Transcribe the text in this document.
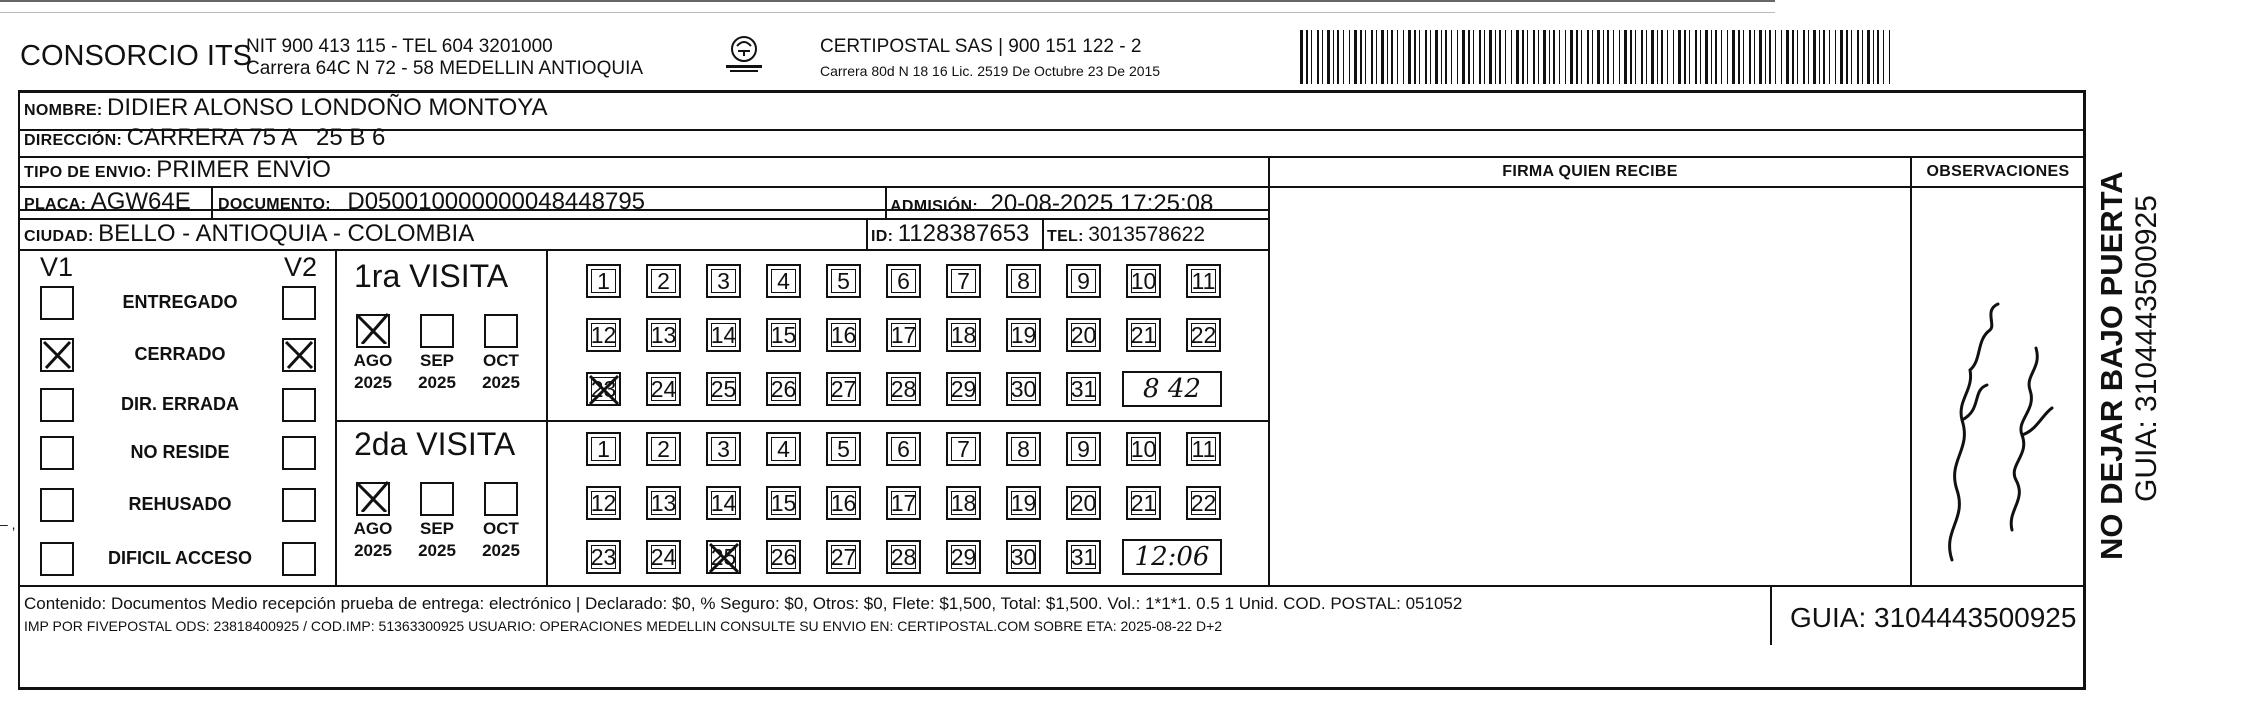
CONSORCIO ITS
NIT 900 413 115 - TEL 604 3201000
Carrera 64C N 72 - 58 MEDELLIN ANTIOQUIA
CERTIPOSTAL SAS | 900 151 122 - 2
Carrera 80d N 18 16 Lic. 2519 De Octubre 23 De 2015
NOMBRE: DIDIER ALONSO LONDOÑO MONTOYA
DIRECCIÓN: CARRERA 75 A   25 B 6
TIPO DE ENVIO: PRIMER ENVÍO
PLACA: AGW64E DOCUMENTO: D050010000000048448795	ADMISIÓN: 20-08-2025 17:25:08
CIUDAD: BELLO - ANTIOQUIA - COLOMBIA	ID: 1128387653 TEL: 3013578622
FIRMA QUIEN RECIBE	OBSERVACIONES
V1	V2
ENTREGADO
CERRADO
DIR. ERRADA
NO RESIDE
REHUSADO
DIFICIL ACCESO
1ra VISITA
AGO
2025
SEP
2025
OCT
2025
1	2	3	4	5	6	7	8	9	10 11
12 13 14 15 16 17 18 19 20 21 22
23 24 25 26 27 28 29 30 31	8 42
2da VISITA
AGO
2025
SEP
2025
OCT
2025
1	2	3	4	5	6	7	8	9	10 11
12 13 14 15 16 17 18 19 20 21 22
23 24 25 26 27 28 29 30 31	12:06
Contenido: Documentos Medio recepción prueba de entrega: electrónico | Declarado: $0, % Seguro: $0, Otros: $0, Flete: $1,500, Total: $1,500. Vol.: 1*1*1. 0.5 1 Unid. COD. POSTAL: 051052
IMP POR FIVEPOSTAL ODS: 23818400925 / COD.IMP: 51363300925 USUARIO: OPERACIONES MEDELLIN CONSULTE SU ENVIO EN: CERTIPOSTAL.COM SOBRE ETA: 2025-08-22 D+2	GUIA: 3104443500925
NO DEJAR BAJO PUERTA GUIA: 3104443500925
– ,
